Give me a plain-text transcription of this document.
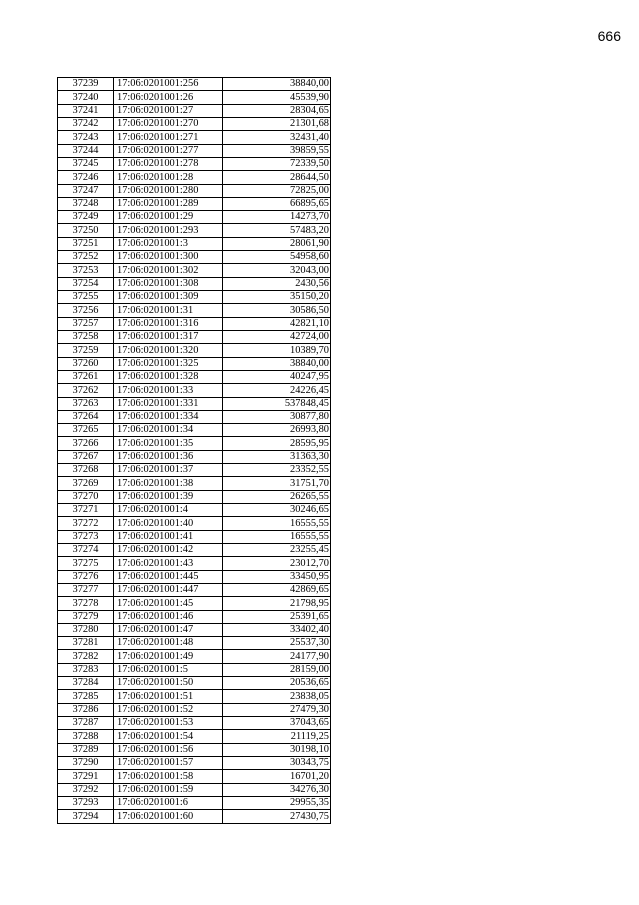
666
37239	17:06:0201001:256	38840,00
37240	17:06:0201001:26	45539,90
37241	17:06:0201001:27	28304,65
37242	17:06:0201001:270	21301,68
37243	17:06:0201001:271	32431,40
37244	17:06:0201001:277	39859,55
37245	17:06:0201001:278	72339,50
37246	17:06:0201001:28	28644,50
37247	17:06:0201001:280	72825,00
37248	17:06:0201001:289	66895,65
37249	17:06:0201001:29	14273,70
37250	17:06:0201001:293	57483,20
37251	17:06:0201001:3	28061,90
37252	17:06:0201001:300	54958,60
37253	17:06:0201001:302	32043,00
37254	17:06:0201001:308	2430,56
37255	17:06:0201001:309	35150,20
37256	17:06:0201001:31	30586,50
37257	17:06:0201001:316	42821,10
37258	17:06:0201001:317	42724,00
37259	17:06:0201001:320	10389,70
37260	17:06:0201001:325	38840,00
37261	17:06:0201001:328	40247,95
37262	17:06:0201001:33	24226,45
37263	17:06:0201001:331	537848,45
37264	17:06:0201001:334	30877,80
37265	17:06:0201001:34	26993,80
37266	17:06:0201001:35	28595,95
37267	17:06:0201001:36	31363,30
37268	17:06:0201001:37	23352,55
37269	17:06:0201001:38	31751,70
37270	17:06:0201001:39	26265,55
37271	17:06:0201001:4	30246,65
37272	17:06:0201001:40	16555,55
37273	17:06:0201001:41	16555,55
37274	17:06:0201001:42	23255,45
37275	17:06:0201001:43	23012,70
37276	17:06:0201001:445	33450,95
37277	17:06:0201001:447	42869,65
37278	17:06:0201001:45	21798,95
37279	17:06:0201001:46	25391,65
37280	17:06:0201001:47	33402,40
37281	17:06:0201001:48	25537,30
37282	17:06:0201001:49	24177,90
37283	17:06:0201001:5	28159,00
37284	17:06:0201001:50	20536,65
37285	17:06:0201001:51	23838,05
37286	17:06:0201001:52	27479,30
37287	17:06:0201001:53	37043,65
37288	17:06:0201001:54	21119,25
37289	17:06:0201001:56	30198,10
37290	17:06:0201001:57	30343,75
37291	17:06:0201001:58	16701,20
37292	17:06:0201001:59	34276,30
37293	17:06:0201001:6	29955,35
37294	17:06:0201001:60	27430,75
